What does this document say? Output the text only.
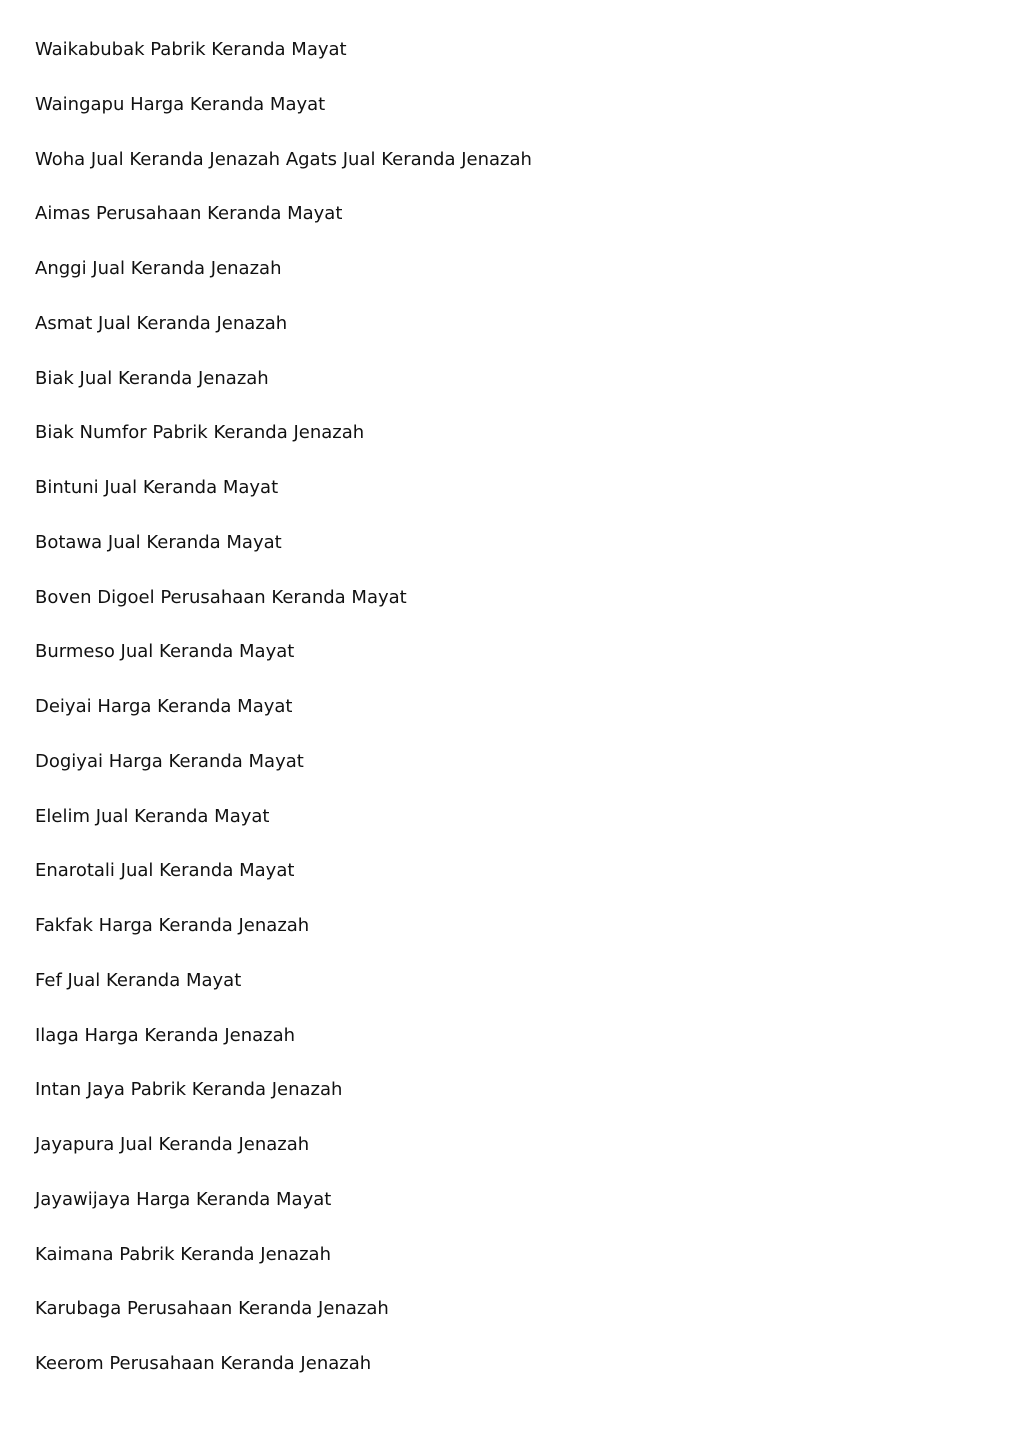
Waikabubak Pabrik Keranda Mayat
Waingapu Harga Keranda Mayat
Woha Jual Keranda Jenazah Agats Jual Keranda Jenazah
Aimas Perusahaan Keranda Mayat
Anggi Jual Keranda Jenazah
Asmat Jual Keranda Jenazah
Biak Jual Keranda Jenazah
Biak Numfor Pabrik Keranda Jenazah
Bintuni Jual Keranda Mayat
Botawa Jual Keranda Mayat
Boven Digoel Perusahaan Keranda Mayat
Burmeso Jual Keranda Mayat
Deiyai Harga Keranda Mayat
Dogiyai Harga Keranda Mayat
Elelim Jual Keranda Mayat
Enarotali Jual Keranda Mayat
Fakfak Harga Keranda Jenazah
Fef Jual Keranda Mayat
Ilaga Harga Keranda Jenazah
Intan Jaya Pabrik Keranda Jenazah
Jayapura Jual Keranda Jenazah
Jayawijaya Harga Keranda Mayat
Kaimana Pabrik Keranda Jenazah
Karubaga Perusahaan Keranda Jenazah
Keerom Perusahaan Keranda Jenazah
